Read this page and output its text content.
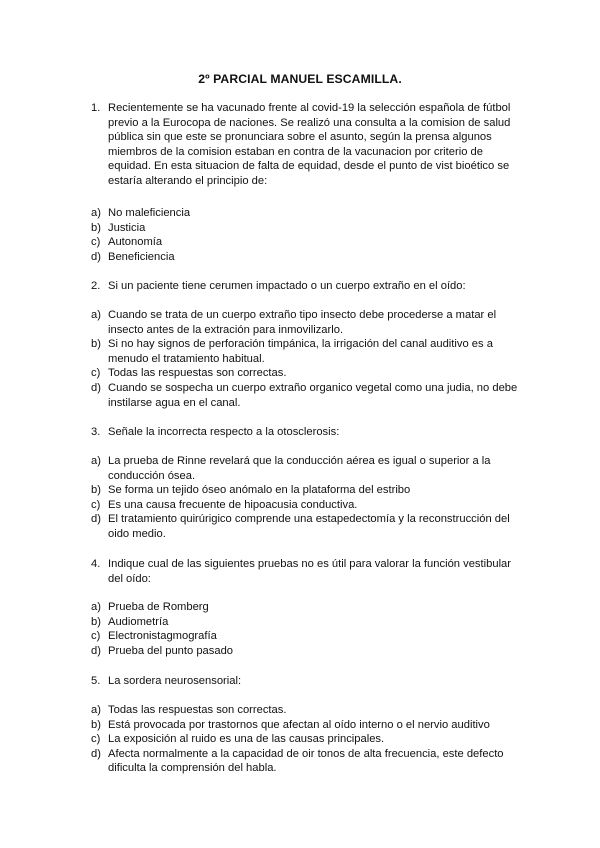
2º PARCIAL MANUEL ESCAMILLA.
1. Recientemente se ha vacunado frente al covid-19 la selección española de fútbol previo a la Eurocopa de naciones. Se realizó una consulta a la comision de salud pública sin que este se pronunciara sobre el asunto, según la prensa algunos miembros de la comision estaban en contra de la vacunacion por criterio de equidad. En esta situacion de falta de equidad, desde el punto de vist bioético se estaría alterando el principio de:
a) No maleficiencia
b) Justicia
c) Autonomía
d) Beneficiencia
2. Si un paciente tiene cerumen impactado o un cuerpo extraño en el oído:
a) Cuando se trata de un cuerpo extraño tipo insecto debe procederse a matar el insecto antes de la extración para inmovilizarlo.
b) Si no hay signos de perforación timpánica, la irrigación del canal auditivo es a menudo el tratamiento habitual.
c) Todas las respuestas son correctas.
d) Cuando se sospecha un cuerpo extraño organico vegetal como una judia, no debe instilarse agua en el canal.
3. Señale la incorrecta respecto a la otosclerosis:
a) La prueba de Rinne revelará que la conducción aérea es igual o superior a la conducción ósea.
b) Se forma un tejido óseo anómalo en la plataforma del estribo
c) Es una causa frecuente de hipoacusia conductiva.
d) El tratamiento quirúrigico comprende una estapedectomía y la reconstrucción del oido medio.
4. Indique cual de las siguientes pruebas no es útil para valorar la función vestibular del oído:
a) Prueba de Romberg
b) Audiometría
c) Electronistagmografía
d) Prueba del punto pasado
5. La sordera neurosensorial:
a) Todas las respuestas son correctas.
b) Está provocada por trastornos que afectan al oído interno o el nervio auditivo
c) La exposición al ruido es una de las causas principales.
d) Afecta normalmente a la capacidad de oir tonos de alta frecuencia, este defecto dificulta la comprensión del habla.
